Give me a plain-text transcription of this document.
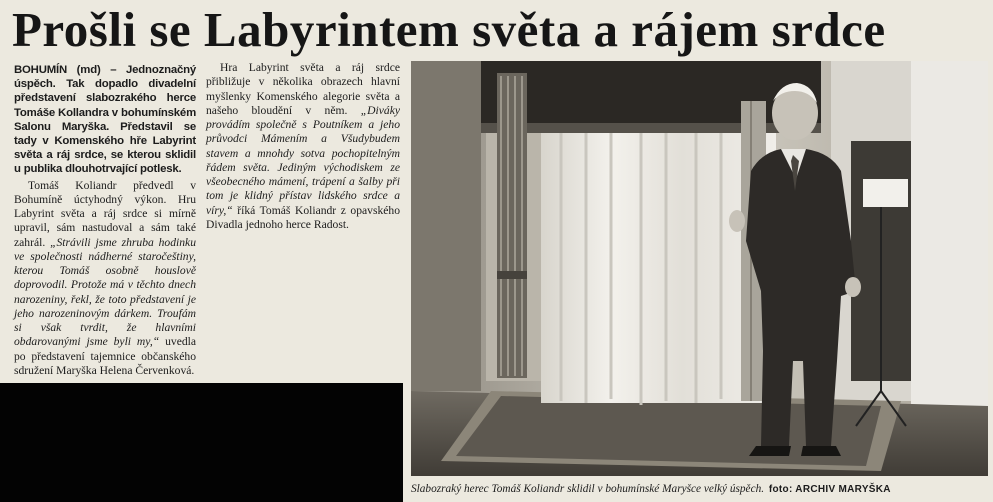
Prošli se Labyrintem světa a rájem srdce

BOHUMÍN (md) – Jednoznačný úspěch. Tak dopadlo divadelní představení slabozrakého herce Tomáše Kollandra v bohumínském Salonu Maryška. Představil se tady v Komenského hře Labyrint světa a ráj srdce, se kterou sklidil u publika dlouhotrvající potlesk.

Tomáš Koliandr předvedl v Bohumíně úctyhodný výkon. Hru Labyrint světa a ráj srdce si mírně upravil, sám nastudoval a sám také zahrál. „Strávili jsme zhruba hodinku ve společnosti nádherné staročeštiny, kterou Tomáš osobně houslově doprovodil. Protože má v těchto dnech narozeniny, řekl, že toto představení je jeho narozeninovým dárkem. Troufám si však tvrdit, že hlavními obdarovanými jsme byli my,“ uvedla po představení tajemnice občanského sdružení Maryška Helena Červenková.

Hra Labyrint světa a ráj srdce přibližuje v několika obrazech hlavní myšlenky Komenského alegorie světa a našeho bloudění v něm. „Diváky provádím společně s Poutníkem a jeho průvodci Mámením a Všudybudem stavem a mnohdy sotva pochopitelným řádem světa. Jediným východiskem ze všeobecného mámení, trápení a šalby při tom je klidný přístav lidského srdce a víry,“ říká Tomáš Koliandr z opavského Divadla jednoho herce Radost.

Slabozraký herec Tomáš Koliandr sklidil v bohumínské Maryšce velký úspěch. foto: ARCHIV MARYŠKA
